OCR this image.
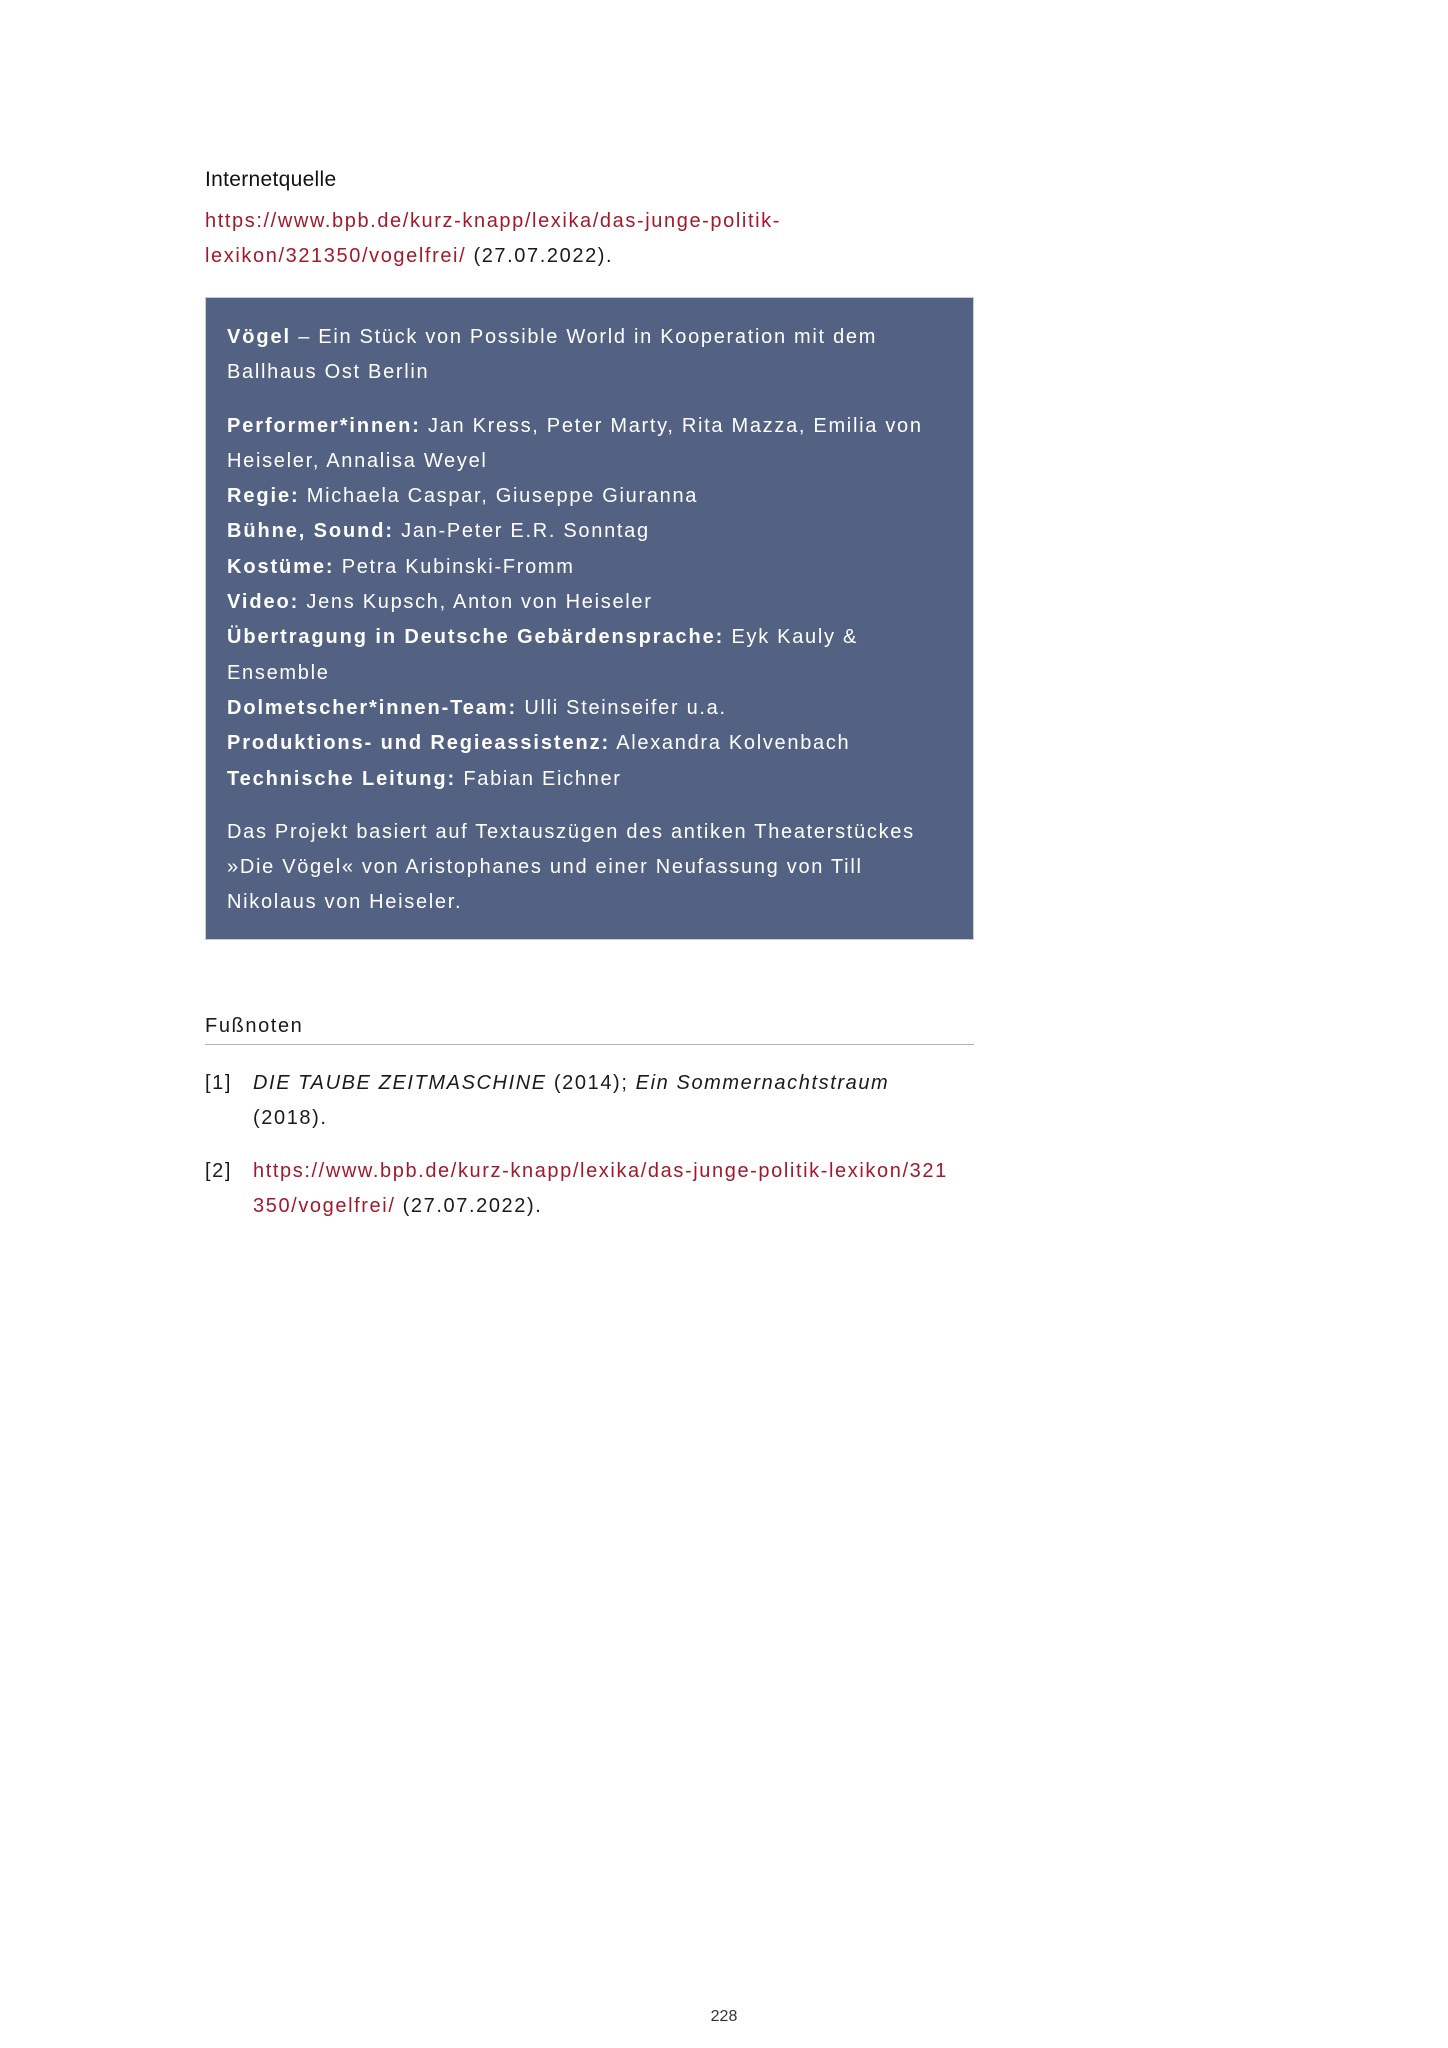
Internetquelle
https://www.bpb.de/kurz-knapp/lexika/das-junge-politik-
lexikon/321350/vogelfrei/ (27.07.2022).

Vögel – Ein Stück von Possible World in Kooperation mit dem Ballhaus Ost Berlin

Performer*innen: Jan Kress, Peter Marty, Rita Mazza, Emilia von Heiseler, Annalisa Weyel

Regie: Michaela Caspar, Giuseppe Giuranna

Bühne, Sound: Jan-Peter E.R. Sonntag

Kostüme: Petra Kubinski-Fromm

Video: Jens Kupsch, Anton von Heiseler

Übertragung in Deutsche Gebärdensprache: Eyk Kauly & Ensemble

Dolmetscher*innen-Team: Ulli Steinseifer u.a.

Produktions- und Regieassistenz: Alexandra Kolvenbach

Technische Leitung: Fabian Eichner

Das Projekt basiert auf Textauszügen des antiken Theaterstückes »Die Vögel« von Aristophanes und einer Neufassung von Till Nikolaus von Heiseler.

Fußnoten
[1] DIE TAUBE ZEITMASCHINE (2014); Ein Sommernachtstraum
(2018).
[2] https://www.bpb.de/kurz-knapp/lexika/das-junge-politik-lexikon/321
350/vogelfrei/ (27.07.2022).
228
